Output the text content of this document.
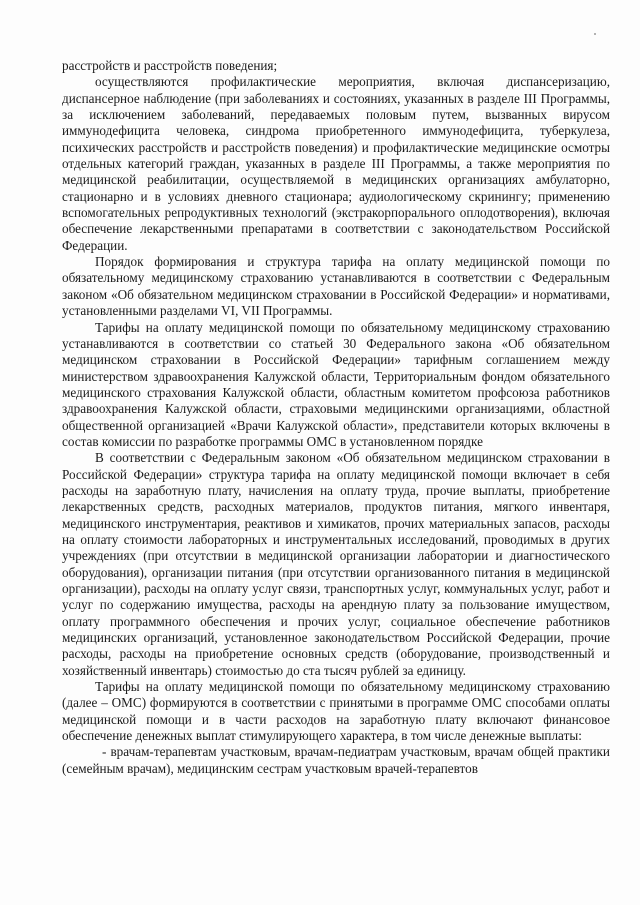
расстройств и расстройств поведения;

осуществляются профилактические мероприятия, включая диспансеризацию, диспансерное наблюдение (при заболеваниях и состояниях, указанных в разделе III Программы, за исключением заболеваний, передаваемых половым путем, вызванных вирусом иммунодефицита человека, синдрома приобретенного иммунодефицита, туберкулеза, психических расстройств и расстройств поведения) и профилактические медицинские осмотры отдельных категорий граждан, указанных в разделе III Программы, а также мероприятия по медицинской реабилитации, осуществляемой в медицинских организациях амбулаторно, стационарно и в условиях дневного стационара; аудиологическому скринингу; применению вспомогательных репродуктивных технологий (экстракорпорального оплодотворения), включая обеспечение лекарственными препаратами в соответствии с законодательством Российской Федерации.

Порядок формирования и структура тарифа на оплату медицинской помощи по обязательному медицинскому страхованию устанавливаются в соответствии с Федеральным законом «Об обязательном медицинском страховании в Российской Федерации» и нормативами, установленными разделами VI, VII Программы.

Тарифы на оплату медицинской помощи по обязательному медицинскому страхованию устанавливаются в соответствии со статьей 30 Федерального закона «Об обязательном медицинском страховании в Российской Федерации» тарифным соглашением между министерством здравоохранения Калужской области, Территориальным фондом обязательного медицинского страхования Калужской области, областным комитетом профсоюза работников здравоохранения Калужской области, страховыми медицинскими организациями, областной общественной организацией «Врачи Калужской области», представители которых включены в состав комиссии по разработке программы ОМС в установленном порядке

В соответствии с Федеральным законом «Об обязательном медицинском страховании в Российской Федерации» структура тарифа на оплату медицинской помощи включает в себя расходы на заработную плату, начисления на оплату труда, прочие выплаты, приобретение лекарственных средств, расходных материалов, продуктов питания, мягкого инвентаря, медицинского инструментария, реактивов и химикатов, прочих материальных запасов, расходы на оплату стоимости лабораторных и инструментальных исследований, проводимых в других учреждениях (при отсутствии в медицинской организации лаборатории и диагностического оборудования), организации питания (при отсутствии организованного питания в медицинской организации), расходы на оплату услуг связи, транспортных услуг, коммунальных услуг, работ и услуг по содержанию имущества, расходы на арендную плату за пользование имуществом, оплату программного обеспечения и прочих услуг, социальное обеспечение работников медицинских организаций, установленное законодательством Российской Федерации, прочие расходы, расходы на приобретение основных средств (оборудование, производственный и хозяйственный инвентарь) стоимостью до ста тысяч рублей за единицу.

Тарифы на оплату медицинской помощи по обязательному медицинскому страхованию (далее – ОМС) формируются в соответствии с принятыми в программе ОМС способами оплаты медицинской помощи и в части расходов на заработную плату включают финансовое обеспечение денежных выплат стимулирующего характера, в том числе денежные выплаты:

- врачам-терапевтам участковым, врачам-педиатрам участковым, врачам общей практики (семейным врачам), медицинским сестрам участковым врачей-терапевтов
